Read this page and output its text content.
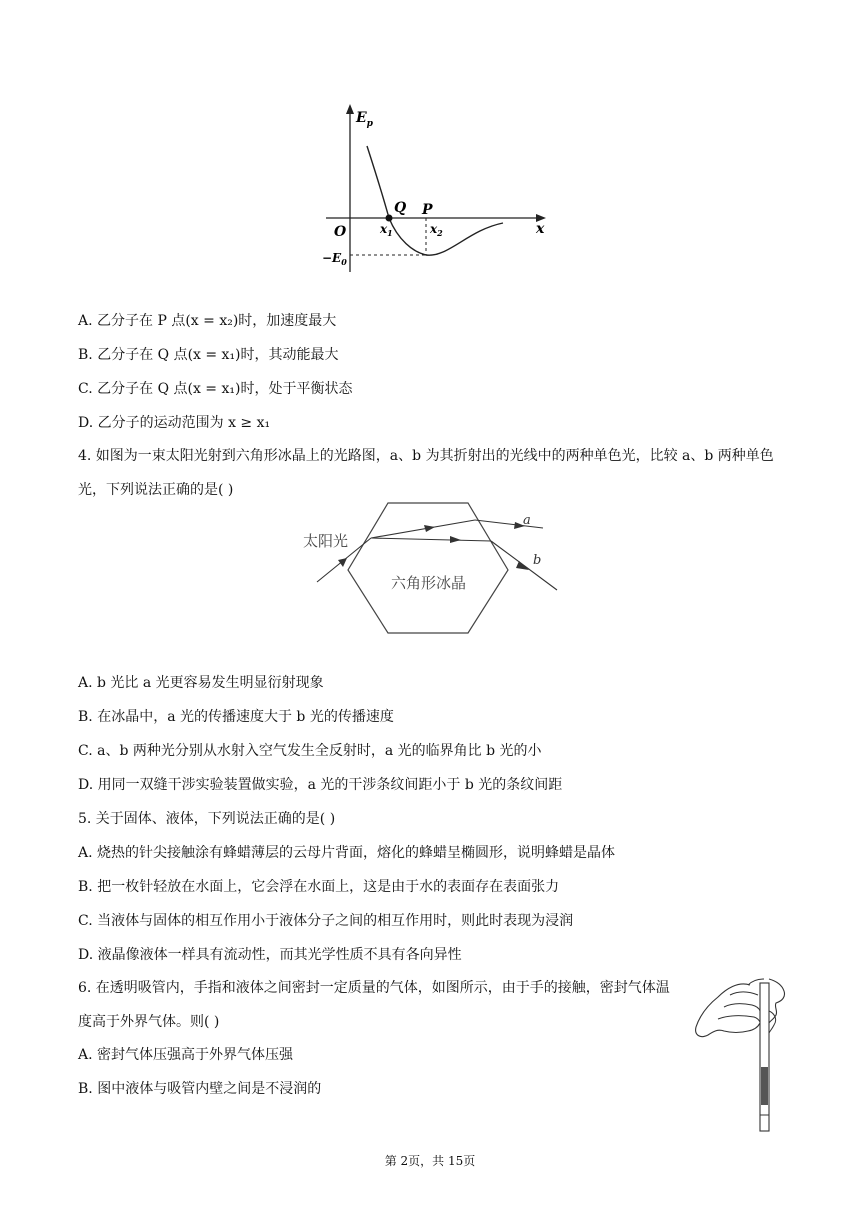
$E_p$
O	x
Q P
$x_1$	$x_2$
$-E_0$
A. 乙分子在 P 点(x = x₂)时，加速度最大
B. 乙分子在 Q 点(x = x₁)时，其动能最大
C. 乙分子在 Q 点(x = x₁)时，处于平衡状态
D. 乙分子的运动范围为 x ≥ x₁
4. 如图为一束太阳光射到六角形冰晶上的光路图，a、b 为其折射出的光线中的两种单色光，比较 a、b 两种单色光，下列说法正确的是( )
太阳光
六角形冰晶
a
b
A. b 光比 a 光更容易发生明显衍射现象
B. 在冰晶中，a 光的传播速度大于 b 光的传播速度
C. a、b 两种光分别从水射入空气发生全反射时，a 光的临界角比 b 光的小
D. 用同一双缝干涉实验装置做实验，a 光的干涉条纹间距小于 b 光的条纹间距
5. 关于固体、液体，下列说法正确的是( )
A. 烧热的针尖接触涂有蜂蜡薄层的云母片背面，熔化的蜂蜡呈椭圆形，说明蜂蜡是晶体
B. 把一枚针轻放在水面上，它会浮在水面上，这是由于水的表面存在表面张力
C. 当液体与固体的相互作用小于液体分子之间的相互作用时，则此时表现为浸润
D. 液晶像液体一样具有流动性，而其光学性质不具有各向异性
6. 在透明吸管内，手指和液体之间密封一定质量的气体，如图所示，由于手的接触，密封气体温度高于外界气体。则( )
A. 密封气体压强高于外界气体压强
B. 图中液体与吸管内壁之间是不浸润的
第 2页，共 15页
